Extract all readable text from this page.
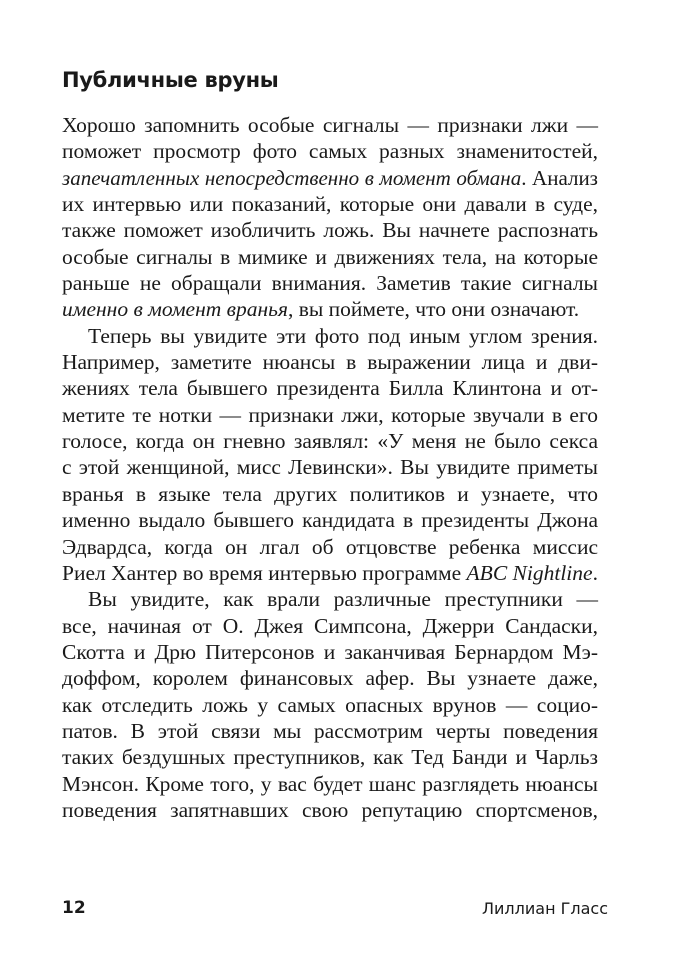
Публичные вруны
Хорошо запомнить особые сигналы — признаки лжи —
поможет просмотр фото самых разных знаменитостей,
запечатленных непосредственно в момент обмана. Анализ
их интервью или показаний, которые они давали в суде,
также поможет изобличить ложь. Вы начнете распознать
особые сигналы в мимике и движениях тела, на которые
раньше не обращали внимания. Заметив такие сигналы
именно в момент вранья, вы поймете, что они означают.
Теперь вы увидите эти фото под иным углом зрения.
Например, заметите нюансы в выражении лица и дви-
жениях тела бывшего президента Билла Клинтона и от-
метите те нотки — признаки лжи, которые звучали в его
голосе, когда он гневно заявлял: «У меня не было секса
с этой женщиной, мисс Левински». Вы увидите приметы
вранья в языке тела других политиков и узнаете, что
именно выдало бывшего кандидата в президенты Джона
Эдвардса, когда он лгал об отцовстве ребенка миссис
Риел Хантер во время интервью программе ABC Nightline.
Вы увидите, как врали различные преступники —
все, начиная от О. Джея Симпсона, Джерри Сандаски,
Скотта и Дрю Питерсонов и заканчивая Бернардом Мэ-
доффом, королем финансовых афер. Вы узнаете даже,
как отследить ложь у самых опасных врунов — социо-
патов. В этой связи мы рассмотрим черты поведения
таких бездушных преступников, как Тед Банди и Чарльз
Мэнсон. Кроме того, у вас будет шанс разглядеть нюансы
поведения запятнавших свою репутацию спортсменов,
12	Лиллиан Гласс
